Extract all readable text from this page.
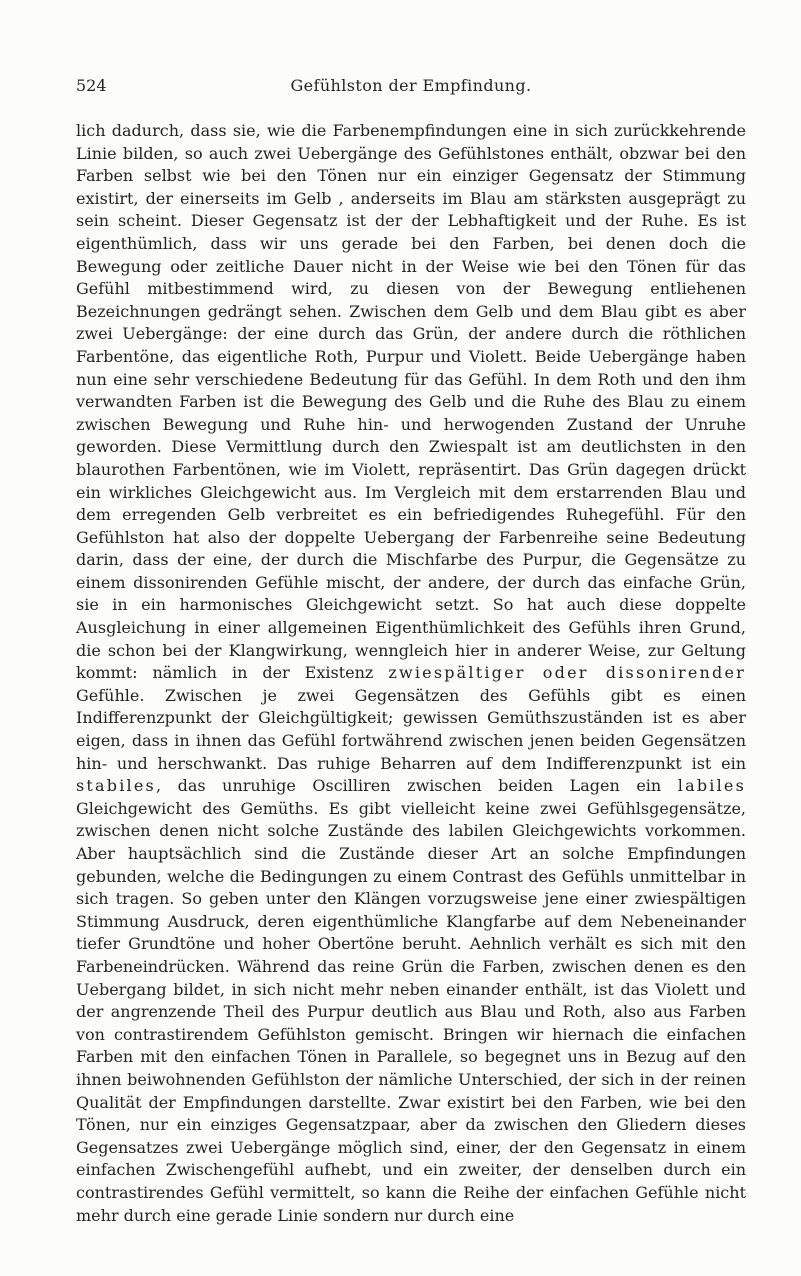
524	Gefühlston der Empfindung.

lich dadurch, dass sie, wie die Farbenempfindungen eine in sich zurückkehrende Linie bilden, so auch zwei Uebergänge des Gefühlstones enthält, obzwar bei den Farben selbst wie bei den Tönen nur ein einziger Gegensatz der Stimmung existirt, der einerseits im Gelb , anderseits im Blau am stärksten ausgeprägt zu sein scheint. Dieser Gegensatz ist der der Lebhaftigkeit und der Ruhe. Es ist eigenthümlich, dass wir uns gerade bei den Farben, bei denen doch die Bewegung oder zeitliche Dauer nicht in der Weise wie bei den Tönen für das Gefühl mitbestimmend wird, zu diesen von der Bewegung entliehenen Bezeichnungen gedrängt sehen. Zwischen dem Gelb und dem Blau gibt es aber zwei Uebergänge: der eine durch das Grün, der andere durch die röthlichen Farbentöne, das eigentliche Roth, Purpur und Violett. Beide Uebergänge haben nun eine sehr verschiedene Bedeutung für das Gefühl. In dem Roth und den ihm verwandten Farben ist die Bewegung des Gelb und die Ruhe des Blau zu einem zwischen Bewegung und Ruhe hin- und herwogenden Zustand der Unruhe geworden. Diese Vermittlung durch den Zwiespalt ist am deutlichsten in den blaurothen Farbentönen, wie im Violett, repräsentirt. Das Grün dagegen drückt ein wirkliches Gleichgewicht aus. Im Vergleich mit dem erstarrenden Blau und dem erregenden Gelb verbreitet es ein befriedigendes Ruhegefühl. Für den Gefühlston hat also der doppelte Uebergang der Farbenreihe seine Bedeutung darin, dass der eine, der durch die Mischfarbe des Purpur, die Gegensätze zu einem dissonirenden Gefühle mischt, der andere, der durch das einfache Grün, sie in ein harmonisches Gleichgewicht setzt. So hat auch diese doppelte Ausgleichung in einer allgemeinen Eigenthümlichkeit des Gefühls ihren Grund, die schon bei der Klangwirkung, wenngleich hier in anderer Weise, zur Geltung kommt: nämlich in der Existenz zwiespältiger oder dissonirender Gefühle. Zwischen je zwei Gegensätzen des Gefühls gibt es einen Indifferenzpunkt der Gleichgültigkeit; gewissen Gemüthszuständen ist es aber eigen, dass in ihnen das Gefühl fortwährend zwischen jenen beiden Gegensätzen hin- und herschwankt. Das ruhige Beharren auf dem Indifferenzpunkt ist ein stabiles, das unruhige Oscilliren zwischen beiden Lagen ein labiles Gleichgewicht des Gemüths. Es gibt vielleicht keine zwei Gefühlsgegensätze, zwischen denen nicht solche Zustände des labilen Gleichgewichts vorkommen. Aber hauptsächlich sind die Zustände dieser Art an solche Empfindungen gebunden, welche die Bedingungen zu einem Contrast des Gefühls unmittelbar in sich tragen. So geben unter den Klängen vorzugsweise jene einer zwiespältigen Stimmung Ausdruck, deren eigenthümliche Klangfarbe auf dem Nebeneinander tiefer Grundtöne und hoher Obertöne beruht. Aehnlich verhält es sich mit den Farbeneindrücken. Während das reine Grün die Farben, zwischen denen es den Uebergang bildet, in sich nicht mehr neben einander enthält, ist das Violett und der angrenzende Theil des Purpur deutlich aus Blau und Roth, also aus Farben von contrastirendem Gefühlston gemischt. Bringen wir hiernach die einfachen Farben mit den einfachen Tönen in Parallele, so begegnet uns in Bezug auf den ihnen beiwohnenden Gefühlston der nämliche Unterschied, der sich in der reinen Qualität der Empfindungen darstellte. Zwar existirt bei den Farben, wie bei den Tönen, nur ein einziges Gegensatzpaar, aber da zwischen den Gliedern dieses Gegensatzes zwei Uebergänge möglich sind, einer, der den Gegensatz in einem einfachen Zwischengefühl aufhebt, und ein zweiter, der denselben durch ein contrastirendes Gefühl vermittelt, so kann die Reihe der einfachen Gefühle nicht mehr durch eine gerade Linie sondern nur durch eine
